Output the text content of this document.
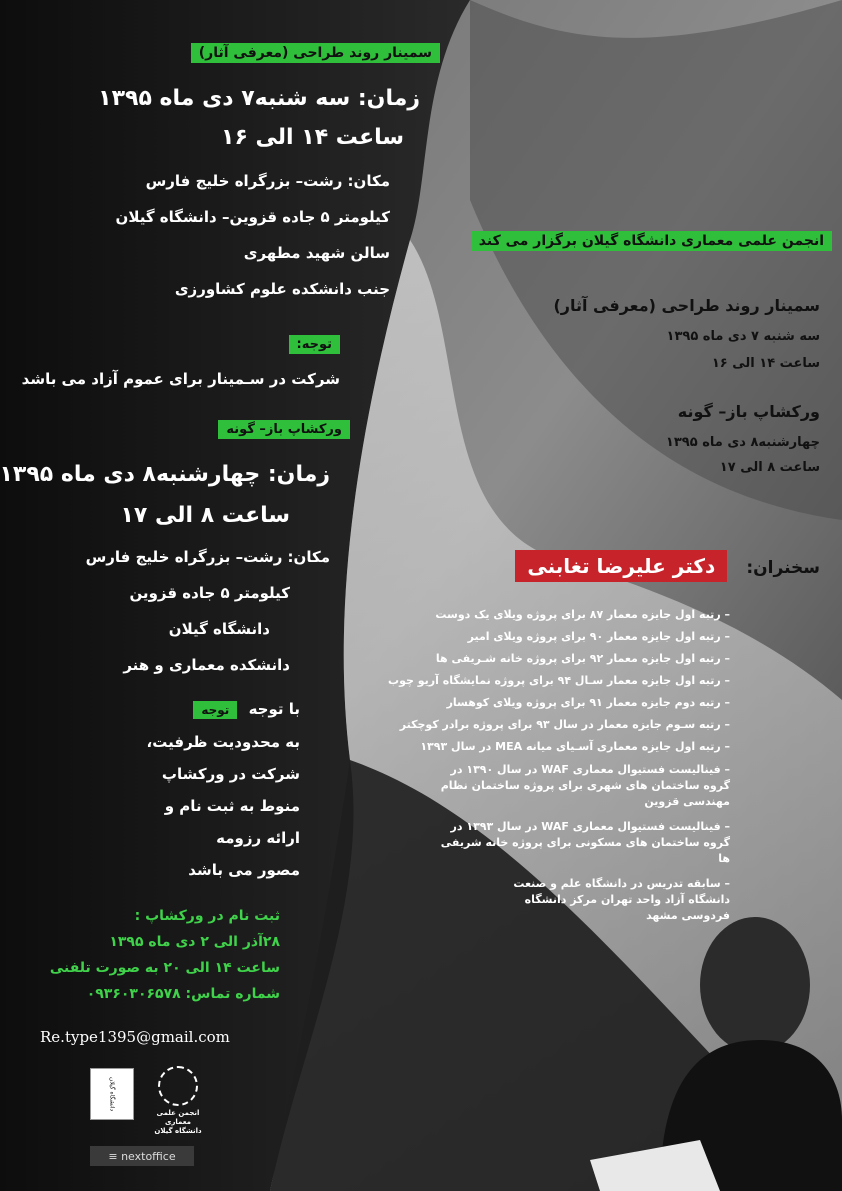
سمینار روند طراحی (معرفی آثار)

زمان: سه شنبه۷ دی ماه ۱۳۹۵

ساعت ۱۴ الی ۱۶

مکان: رشت– بزرگراه خلیج فارس

کیلومتر ۵ جاده قزوین– دانشگاه گیلان

سالن شهید مطهری

جنب دانشکده علوم کشاورزی

توجه:

شرکت در سـمینار برای عموم آزاد می باشد

ورکشاپ باز– گونه

زمان: چهارشنبه۸ دی ماه ۱۳۹۵

ساعت ۸ الی ۱۷

مکان: رشت– بزرگراه خلیج فارس

کیلومتر ۵ جاده قزوین

دانشگاه گیلان

دانشکده معماری و هنر

با توجه توجه

به محدودیت ظرفیت،

شرکت در ورکشاپ

منوط به ثبت نام و

ارائه رزومه

مصور می باشد

ثبت نام در ورکشاپ :

۲۸آذر الی ۲ دی ماه ۱۳۹۵

ساعت ۱۴ الی ۲۰ به صورت تلفنی

شماره تماس: ۰۹۳۶۰۳۰۶۵۷۸

Re.type1395@gmail.com
دانشگاه گیلان
انجمن علمی
معماری
دانشگاه گیلان
≡ nextoffice
انجمن علمی معماری دانشگاه گیلان برگزار می کند

سمینار روند طراحی (معرفی آثار)

سه شنبه ۷ دی ماه ۱۳۹۵

ساعت ۱۴ الی ۱۶

ورکشاپ باز– گونه

چهارشنبه۸ دی ماه ۱۳۹۵

ساعت ۸ الی ۱۷

سخنران: دکتر علیرضا تغابنی
– رتبه اول جایزه معمار ۸۷ برای پروژه ویلای یک دوست
– رتبه اول جایزه معمار ۹۰ برای پروژه ویلای امیر
– رتبه اول جایزه معمار ۹۲ برای پروژه خانه شـریفی ها
– رتبه اول جایزه معمار سـال ۹۴ برای پروژه نمایشگاه آریو چوب
– رتبه دوم جایزه معمار ۹۱ برای پروژه ویلای کوهسار
– رتبه سـوم جایزه معمار در سال ۹۳ برای پروژه برادر کوچکتر
– رتبه اول جایزه معماری آسـیای میانه MEA در سال ۱۳۹۳
– فینالیست فستیوال معماری WAF در سال ۱۳۹۰ در گروه ساختمان های شهری برای پروژه ساختمان نظام مهندسی قزوین
– فینالیست فستیوال معماری WAF در سال ۱۳۹۳ در گروه ساختمان های مسکونی برای پروژه خانه شریفی ها
– سابقه تدریس در دانشگاه علم و صنعت دانشگاه آزاد واحد تهران مرکز دانشگاه فردوسی مشهد
